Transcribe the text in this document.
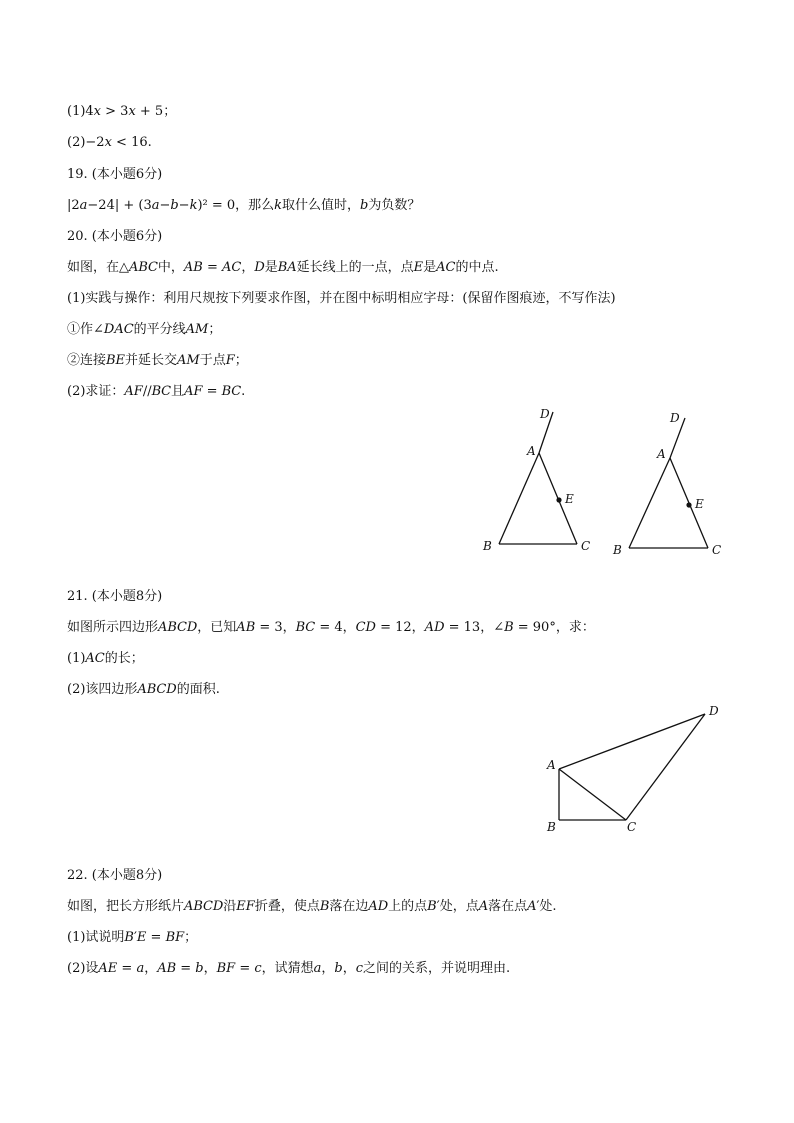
(1)4𝑥 > 3𝑥 + 5；
(2)−2𝑥 < 16.
19. (本小题6分)
|2𝑎−24| + (3𝑎−𝑏−𝑘)² = 0，那么𝑘取什么值时，𝑏为负数？
20. (本小题6分)
如图，在△𝐴𝐵𝐶中，𝐴𝐵 = 𝐴𝐶，𝐷是𝐵𝐴延长线上的一点，点𝐸是𝐴𝐶的中点.
(1)实践与操作：利用尺规按下列要求作图，并在图中标明相应字母：(保留作图痕迹，不写作法)
①作∠𝐷𝐴𝐶的平分线𝐴𝑀；
②连接𝐵𝐸并延长交𝐴𝑀于点𝐹；
(2)求证：𝐴𝐹//𝐵𝐶且𝐴𝐹 = 𝐵𝐶.
D
A
E
B	C
D
A
E
B	C
21. (本小题8分)
如图所示四边形𝐴𝐵𝐶𝐷，已知𝐴𝐵 = 3，𝐵𝐶 = 4，𝐶𝐷 = 12，𝐴𝐷 = 13，∠𝐵 = 90°，求：
(1)𝐴𝐶的长；
(2)该四边形𝐴𝐵𝐶𝐷的面积.
A
B	C
D
22. (本小题8分)
如图，把长方形纸片𝐴𝐵𝐶𝐷沿𝐸𝐹折叠，使点𝐵落在边𝐴𝐷上的点𝐵′处，点𝐴落在点𝐴′处.
(1)试说明𝐵′𝐸 = 𝐵𝐹；
(2)设𝐴𝐸 = 𝑎，𝐴𝐵 = 𝑏，𝐵𝐹 = 𝑐，试猜想𝑎，𝑏，𝑐之间的关系，并说明理由.
